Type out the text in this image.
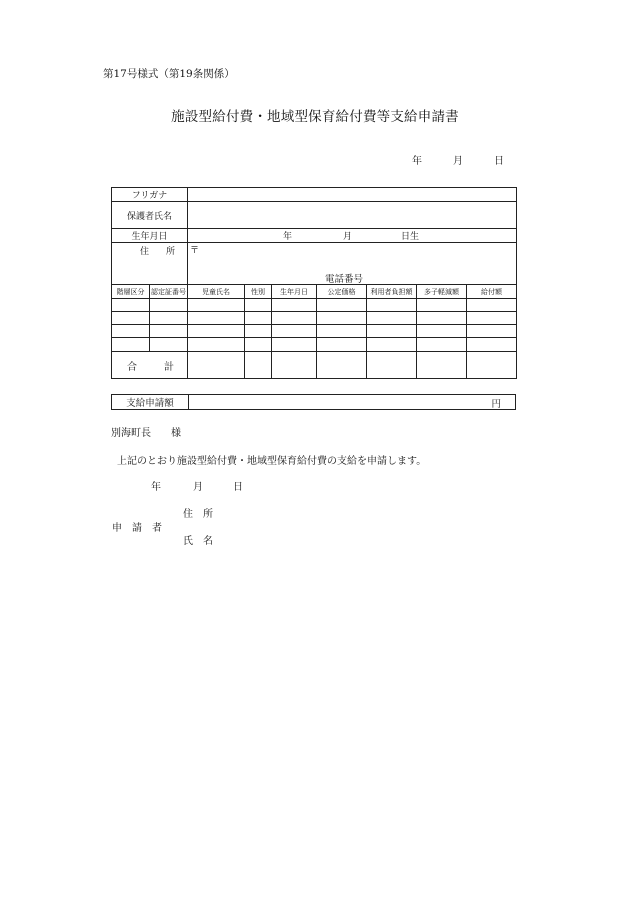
第17号様式（第19条関係）
施設型給付費・地域型保育給付費等支給申請書
年	月	日
フリガナ								
保護者氏名								
生年月日		年 月 日生						

住 所		〒
電話番号						

階層区分	認定証番号	児童氏名	性別	生年月日	公定価格	利用者負担額	多子軽減額	給付額

合 計								

支給申請額	円
別海町長　　様
上記のとおり施設型給付費・地域型保育給付費の支給を申請します。
年	月	日
住　所
申　請　者
氏　名
